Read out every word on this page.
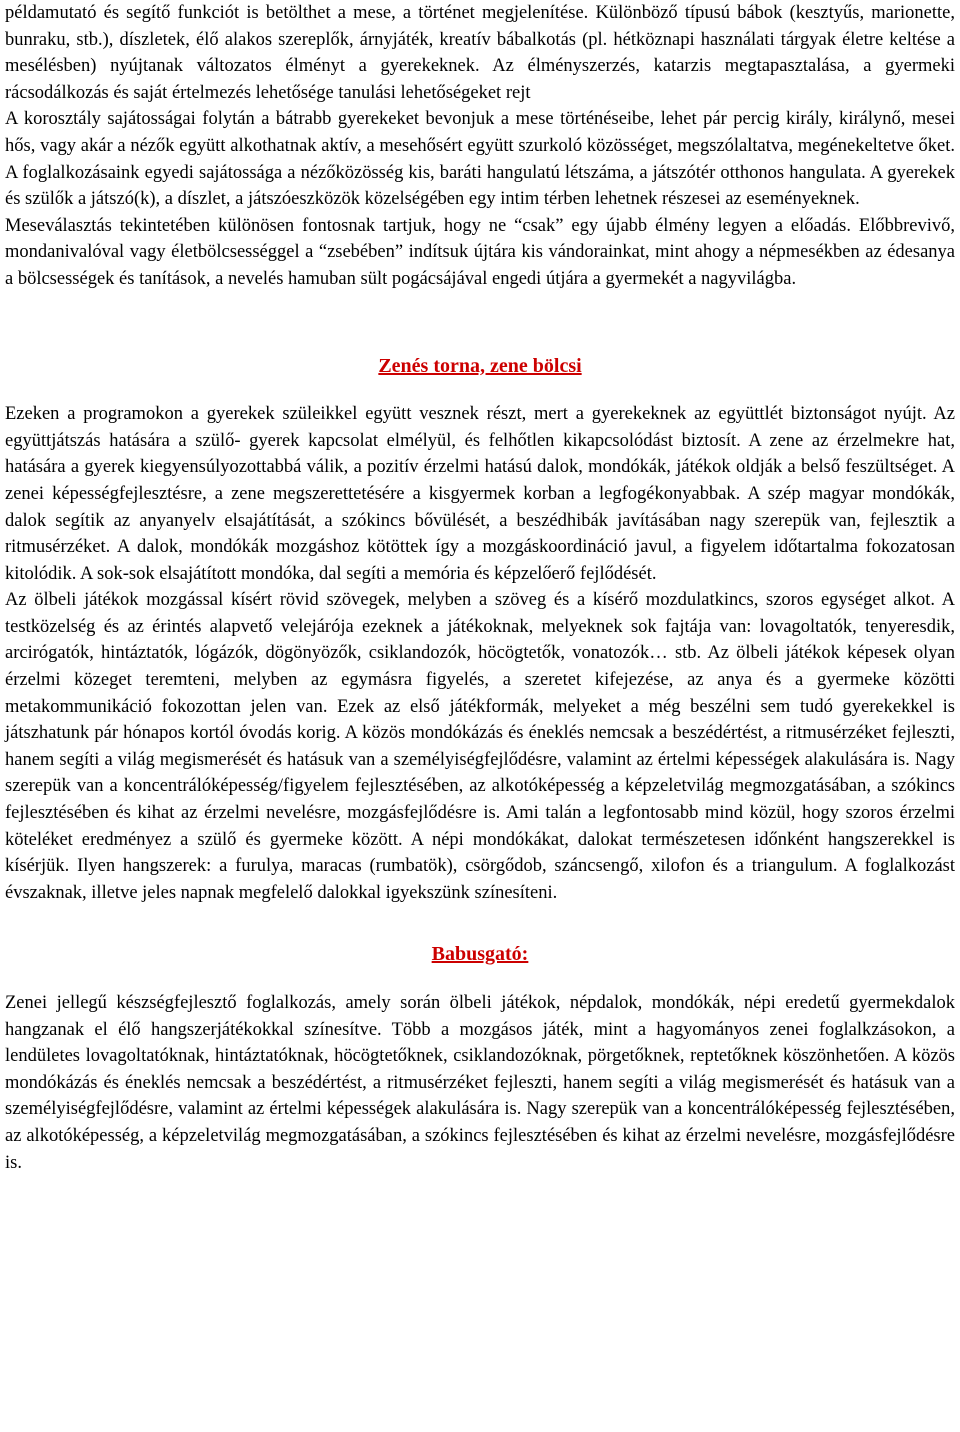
példamutató és segítő funkciót is betölthet a mese, a történet megjelenítése. Különböző típusú bábok (kesztyűs, marionette, bunraku, stb.), díszletek, élő alakos szereplők, árnyjáték, kreatív bábalkotás (pl. hétköznapi használati tárgyak életre keltése a mesélésben) nyújtanak változatos élményt a gyerekeknek. Az élményszerzés, katarzis megtapasztalása, a gyermeki rácsodálkozás és saját értelmezés lehetősége tanulási lehetőségeket rejt

A korosztály sajátosságai folytán a bátrabb gyerekeket bevonjuk a mese történéseibe, lehet pár percig király, királynő, mesei hős, vagy akár a nézők együtt alkothatnak aktív, a mesehősért együtt szurkoló közösséget, megszólaltatva, megénekeltetve őket. A foglalkozásaink egyedi sajátossága a nézőközösség kis, baráti hangulatú létszáma, a játszótér otthonos hangulata. A gyerekek és szülők a játszó(k), a díszlet, a játszóeszközök közelségében egy intim térben lehetnek részesei az eseményeknek.

Meseválasztás tekintetében különösen fontosnak tartjuk, hogy ne “csak” egy újabb élmény legyen a előadás. Előbbrevivő, mondanivalóval vagy életbölcsességgel a “zsebében” indítsuk újtára kis vándorainkat, mint ahogy a népmesékben az édesanya a bölcsességek és tanítások, a nevelés hamuban sült pogácsájával engedi útjára a gyermekét a nagyvilágba.

Zenés torna, zene bölcsi

Ezeken a programokon a gyerekek szüleikkel együtt vesznek részt, mert a gyerekeknek az együttlét biztonságot nyújt. Az együttjátszás hatására a szülő- gyerek kapcsolat elmélyül, és felhőtlen kikapcsolódást biztosít. A zene az érzelmekre hat, hatására a gyerek kiegyensúlyozottabbá válik, a pozitív érzelmi hatású dalok, mondókák, játékok oldják a belső feszültséget. A zenei képességfejlesztésre, a zene megszerettetésére a kisgyermek korban a legfogékonyabbak. A szép magyar mondókák, dalok segítik az anyanyelv elsajátítását, a szókincs bővülését, a beszédhibák javításában nagy szerepük van, fejlesztik a ritmusérzéket. A dalok, mondókák mozgáshoz kötöttek így a mozgáskoordináció javul, a figyelem időtartalma fokozatosan kitolódik. A sok-sok elsajátított mondóka, dal segíti a memória és képzelőerő fejlődését.

Az ölbeli játékok mozgással kísért rövid szövegek, melyben a szöveg és a kísérő mozdulatkincs, szoros egységet alkot. A testközelség és az érintés alapvető velejárója ezeknek a játékoknak, melyeknek sok fajtája van: lovagoltatók, tenyeresdik, arcirógatók, hintáztatók, lógázók, dögönyözők, csiklandozók, höcögtetők, vonatozók… stb. Az ölbeli játékok képesek olyan érzelmi közeget teremteni, melyben az egymásra figyelés, a szeretet kifejezése, az anya és a gyermeke közötti metakommunikáció fokozottan jelen van. Ezek az első játékformák, melyeket a még beszélni sem tudó gyerekekkel is játszhatunk pár hónapos kortól óvodás korig. A közös mondókázás és éneklés nemcsak a beszédértést, a ritmusérzéket fejleszti, hanem segíti a világ megismerését és hatásuk van a személyiségfejlődésre, valamint az értelmi képességek alakulására is. Nagy szerepük van a koncentrálóképesség/figyelem fejlesztésében, az alkotóképesség a képzeletvilág megmozgatásában, a szókincs fejlesztésében és kihat az érzelmi nevelésre, mozgásfejlődésre is. Ami talán a legfontosabb mind közül, hogy szoros érzelmi köteléket eredményez a szülő és gyermeke között. A népi mondókákat, dalokat természetesen időnként hangszerekkel is kísérjük. Ilyen hangszerek: a furulya, maracas (rumbatök), csörgődob, száncsengő, xilofon és a triangulum. A foglalkozást évszaknak, illetve jeles napnak megfelelő dalokkal igyekszünk színesíteni.

Babusgató:

Zenei jellegű készségfejlesztő foglalkozás, amely során ölbeli játékok, népdalok, mondókák, népi eredetű gyermekdalok hangzanak el élő hangszerjátékokkal színesítve. Több a mozgásos játék, mint a hagyományos zenei foglalkzásokon, a lendületes lovagoltatóknak, hintáztatóknak, höcögtetőknek, csiklandozóknak, pörgetőknek, reptetőknek köszönhetően. A közös mondókázás és éneklés nemcsak a beszédértést, a ritmusérzéket fejleszti, hanem segíti a világ megismerését és hatásuk van a személyiségfejlődésre, valamint az értelmi képességek alakulására is. Nagy szerepük van a koncentrálóképesség fejlesztésében, az alkotóképesség, a képzeletvilág megmozgatásában, a szókincs fejlesztésében és kihat az érzelmi nevelésre, mozgásfejlődésre is.
